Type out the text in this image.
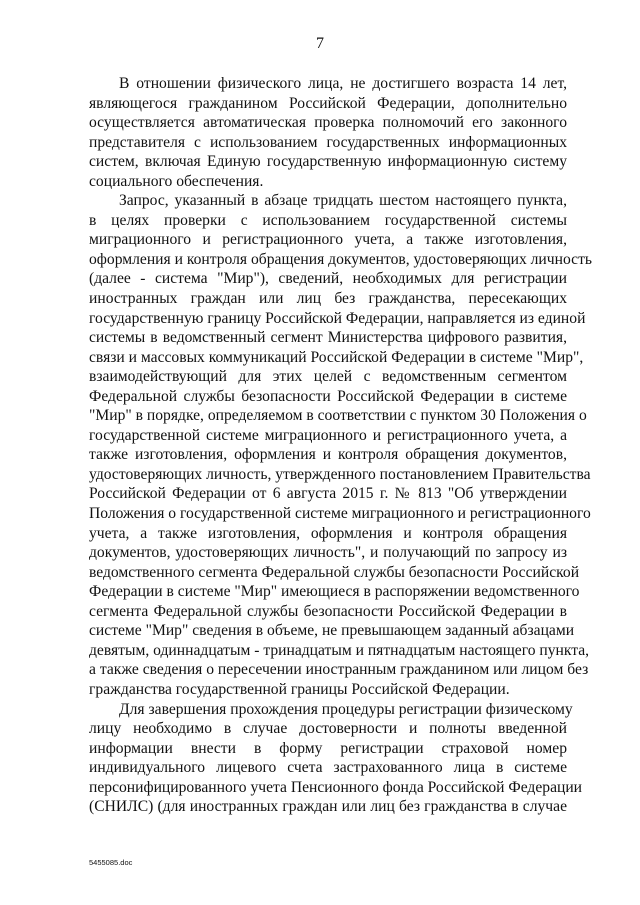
7
В отношении физического лица, не достигшего возраста 14 лет,
являющегося гражданином Российской Федерации, дополнительно
осуществляется автоматическая проверка полномочий его законного
представителя с использованием государственных информационных
систем, включая Единую государственную информационную систему
социального обеспечения.
Запрос, указанный в абзаце тридцать шестом настоящего пункта,
в целях проверки с использованием государственной системы
миграционного и регистрационного учета, а также изготовления,
оформления и контроля обращения документов, удостоверяющих личность
(далее - система "Мир"), сведений, необходимых для регистрации
иностранных граждан или лиц без гражданства, пересекающих
государственную границу Российской Федерации, направляется из единой
системы в ведомственный сегмент Министерства цифрового развития,
связи и массовых коммуникаций Российской Федерации в системе "Мир",
взаимодействующий для этих целей с ведомственным сегментом
Федеральной службы безопасности Российской Федерации в системе
"Мир" в порядке, определяемом в соответствии с пунктом 30 Положения о
государственной системе миграционного и регистрационного учета, а
также изготовления, оформления и контроля обращения документов,
удостоверяющих личность, утвержденного постановлением Правительства
Российской Федерации от 6 августа 2015 г. № 813 "Об утверждении
Положения о государственной системе миграционного и регистрационного
учета, а также изготовления, оформления и контроля обращения
документов, удостоверяющих личность", и получающий по запросу из
ведомственного сегмента Федеральной службы безопасности Российской
Федерации в системе "Мир" имеющиеся в распоряжении ведомственного
сегмента Федеральной службы безопасности Российской Федерации в
системе "Мир" сведения в объеме, не превышающем заданный абзацами
девятым, одиннадцатым - тринадцатым и пятнадцатым настоящего пункта,
а также сведения о пересечении иностранным гражданином или лицом без
гражданства государственной границы Российской Федерации.
Для завершения прохождения процедуры регистрации физическому
лицу необходимо в случае достоверности и полноты введенной
информации внести в форму регистрации страховой номер
индивидуального лицевого счета застрахованного лица в системе
персонифицированного учета Пенсионного фонда Российской Федерации
(СНИЛС) (для иностранных граждан или лиц без гражданства в случае
5455085.doc
